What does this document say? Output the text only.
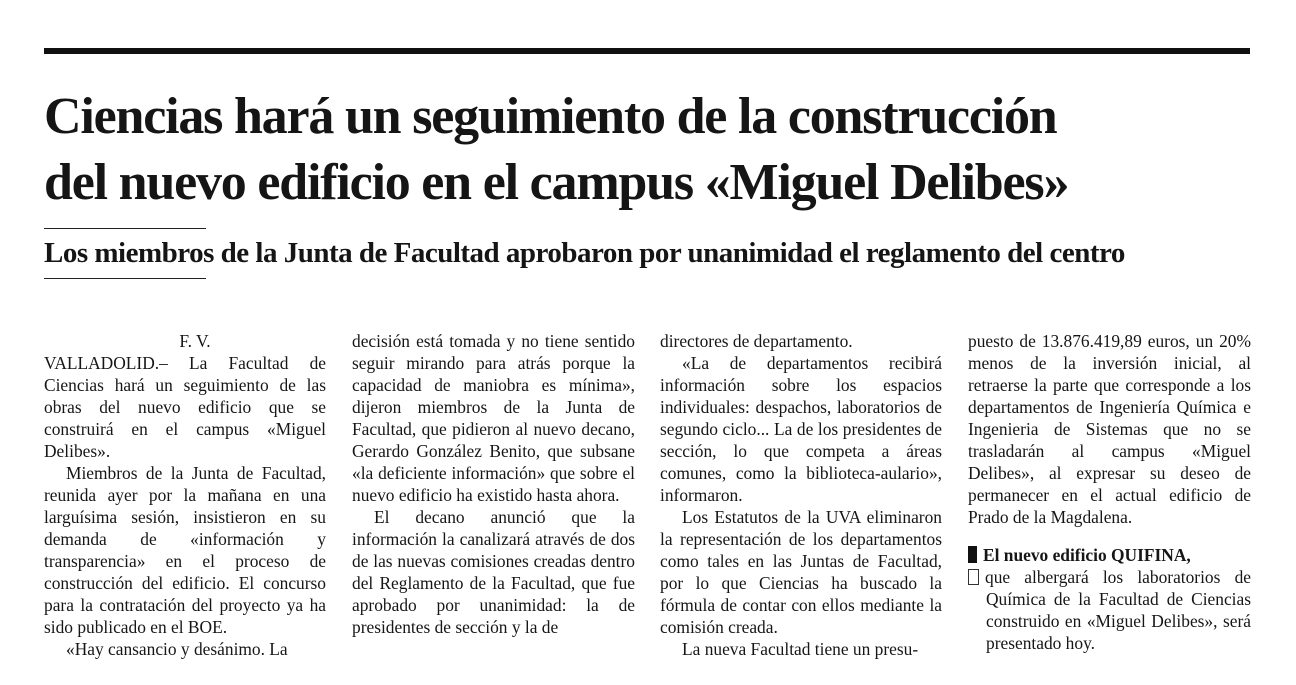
Ciencias hará un seguimiento de la construcción
del nuevo edificio en el campus «Miguel Delibes»
Los miembros de la Junta de Facultad aprobaron por unanimidad el reglamento del centro

F. V.

VALLADOLID.– La Facultad de Ciencias hará un seguimiento de las obras del nuevo edificio que se construirá en el campus «Miguel Delibes».

Miembros de la Junta de Facultad, reunida ayer por la mañana en una larguísima sesión, insistieron en su demanda de «información y transparencia» en el proceso de construcción del edificio. El concurso para la contratación del proyecto ya ha sido publicado en el BOE.

«Hay cansancio y desánimo. La

decisión está tomada y no tiene sentido seguir mirando para atrás porque la capacidad de maniobra es mínima», dijeron miembros de la Junta de Facultad, que pidieron al nuevo decano, Gerardo González Benito, que subsane «la deficiente información» que sobre el nuevo edificio ha existido hasta ahora.

El decano anunció que la información la canalizará através de dos de las nuevas comisiones creadas dentro del Reglamento de la Facultad, que fue aprobado por unanimidad: la de presidentes de sección y la de

directores de departamento.

«La de departamentos recibirá información sobre los espacios individuales: despachos, laboratorios de segundo ciclo... La de los presidentes de sección, lo que competa a áreas comunes, como la biblioteca-aulario», informaron.

Los Estatutos de la UVA eliminaron la representación de los departamentos como tales en las Juntas de Facultad, por lo que Ciencias ha buscado la fórmula de contar con ellos mediante la comisión creada.

La nueva Facultad tiene un presu-

puesto de 13.876.419,89 euros, un 20% menos de la inversión inicial, al retraerse la parte que corresponde a los departamentos de Ingeniería Química e Ingenieria de Sistemas que no se trasladarán al campus «Miguel Delibes», al expresar su deseo de permanecer en el actual edificio de Prado de la Magdalena.

El nuevo edificio QUIFINA,
que albergará los laboratorios de Química de la Facultad de Ciencias construido en «Miguel Delibes», será presentado hoy.
